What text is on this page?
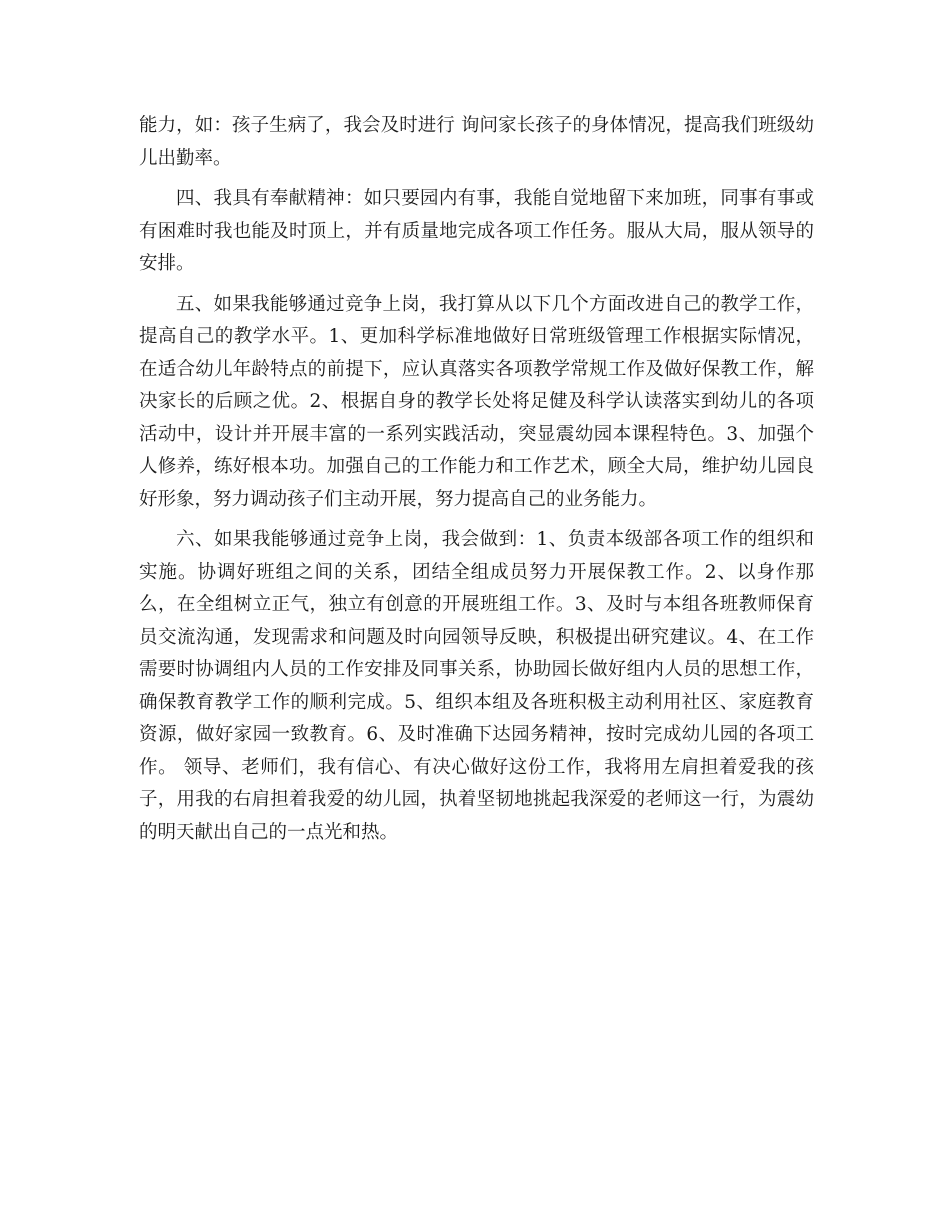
能力，如：孩子生病了，我会及时进行 询问家长孩子的身体情况，提高我们班级幼儿出勤率。

四、我具有奉献精神：如只要园内有事，我能自觉地留下来加班，同事有事或有困难时我也能及时顶上，并有质量地完成各项工作任务。服从大局，服从领导的安排。

五、如果我能够通过竞争上岗，我打算从以下几个方面改进自己的教学工作，提高自己的教学水平。1、更加科学标准地做好日常班级管理工作根据实际情况，在适合幼儿年龄特点的前提下，应认真落实各项教学常规工作及做好保教工作，解决家长的后顾之优。2、根据自身的教学长处将足健及科学认读落实到幼儿的各项活动中，设计并开展丰富的一系列实践活动，突显震幼园本课程特色。3、加强个人修养，练好根本功。加强自己的工作能力和工作艺术，顾全大局，维护幼儿园良好形象，努力调动孩子们主动开展，努力提高自己的业务能力。

六、如果我能够通过竞争上岗，我会做到：1、负责本级部各项工作的组织和实施。协调好班组之间的关系，团结全组成员努力开展保教工作。2、以身作那么，在全组树立正气，独立有创意的开展班组工作。3、及时与本组各班教师保育员交流沟通，发现需求和问题及时向园领导反映，积极提出研究建议。4、在工作需要时协调组内人员的工作安排及同事关系，协助园长做好组内人员的思想工作，确保教育教学工作的顺利完成。5、组织本组及各班积极主动利用社区、家庭教育资源，做好家园一致教育。6、及时准确下达园务精神，按时完成幼儿园的各项工作。 领导、老师们，我有信心、有决心做好这份工作，我将用左肩担着爱我的孩子，用我的右肩担着我爱的幼儿园，执着坚韧地挑起我深爱的老师这一行，为震幼的明天献出自己的一点光和热。
